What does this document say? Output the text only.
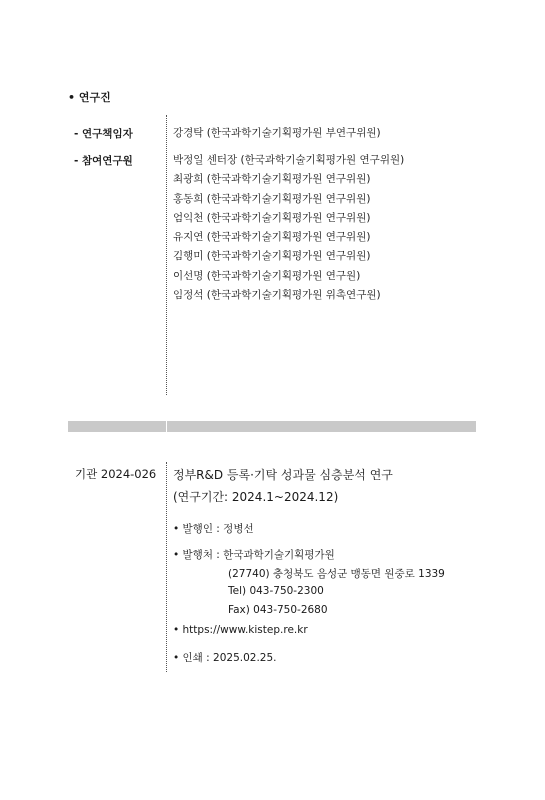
• 연구진
- 연구책임자	강경탁 (한국과학기술기획평가원 부연구위원)
- 참여연구원	박정일 센터장 (한국과학기술기획평가원 연구위원)
최광희 (한국과학기술기획평가원 연구위원)
홍동희 (한국과학기술기획평가원 연구위원)
엄익천 (한국과학기술기획평가원 연구위원)
유지연 (한국과학기술기획평가원 연구위원)
김행미 (한국과학기술기획평가원 연구위원)
이선명 (한국과학기술기획평가원 연구원)
임정석 (한국과학기술기획평가원 위촉연구원)
기관 2024-026 정부R&D 등록·기탁 성과물 심층분석 연구
(연구기간: 2024.1~2024.12)
• 발행인 : 정병선
• 발행처 : 한국과학기술기획평가원
(27740) 충청북도 음성군 맹동면 원중로 1339
Tel) 043-750-2300
Fax) 043-750-2680
• https://www.kistep.re.kr
• 인쇄 : 2025.02.25.
